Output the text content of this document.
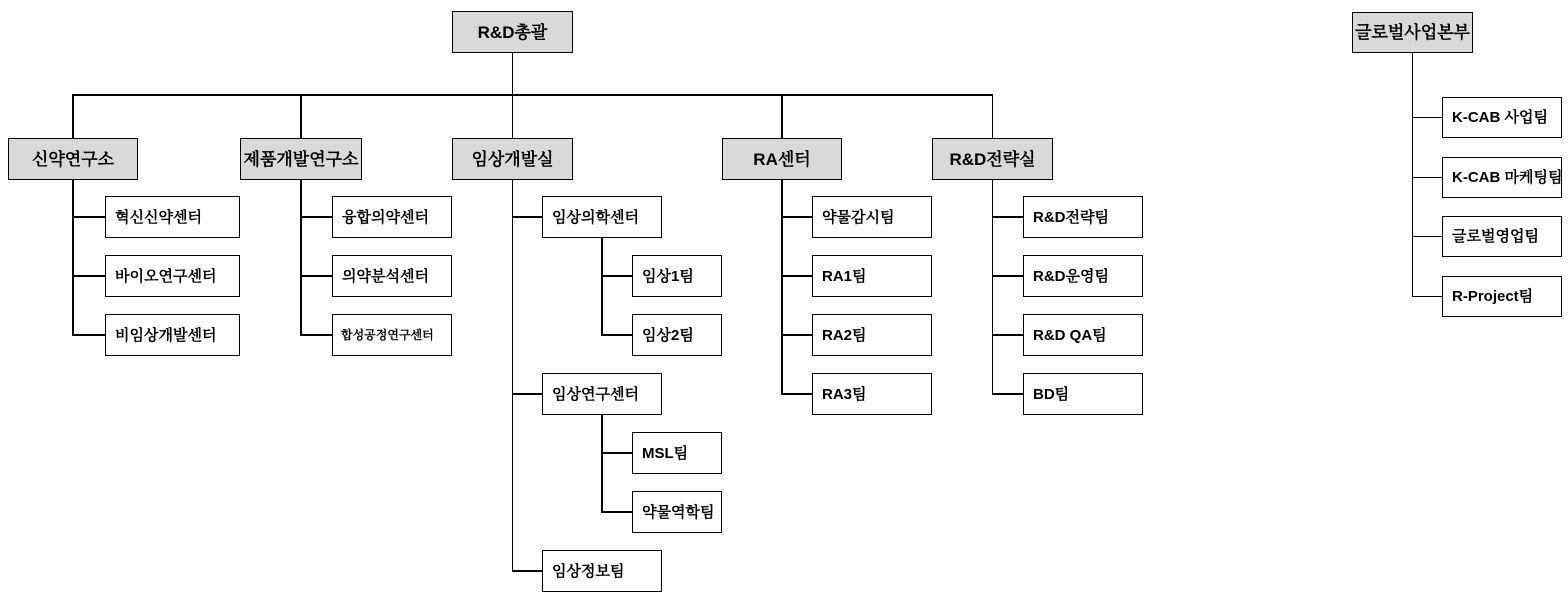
R&D총괄
신약연구소
혁신신약센터
바이오연구센터
비임상개발센터
제품개발연구소
융합의약센터
의약분석센터
합성공정연구센터
임상개발실
임상의학센터
임상1팀
임상2팀
임상연구센터
MSL팀
약물역학팀
임상정보팀
RA센터
약물감시팀
RA1팀
RA2팀
RA3팀
R&D전략실
R&D전략팀
R&D운영팀
R&D QA팀
BD팀
글로벌사업본부
K-CAB 사업팀
K-CAB 마케팅팀
글로벌영업팀
R-Project팀
